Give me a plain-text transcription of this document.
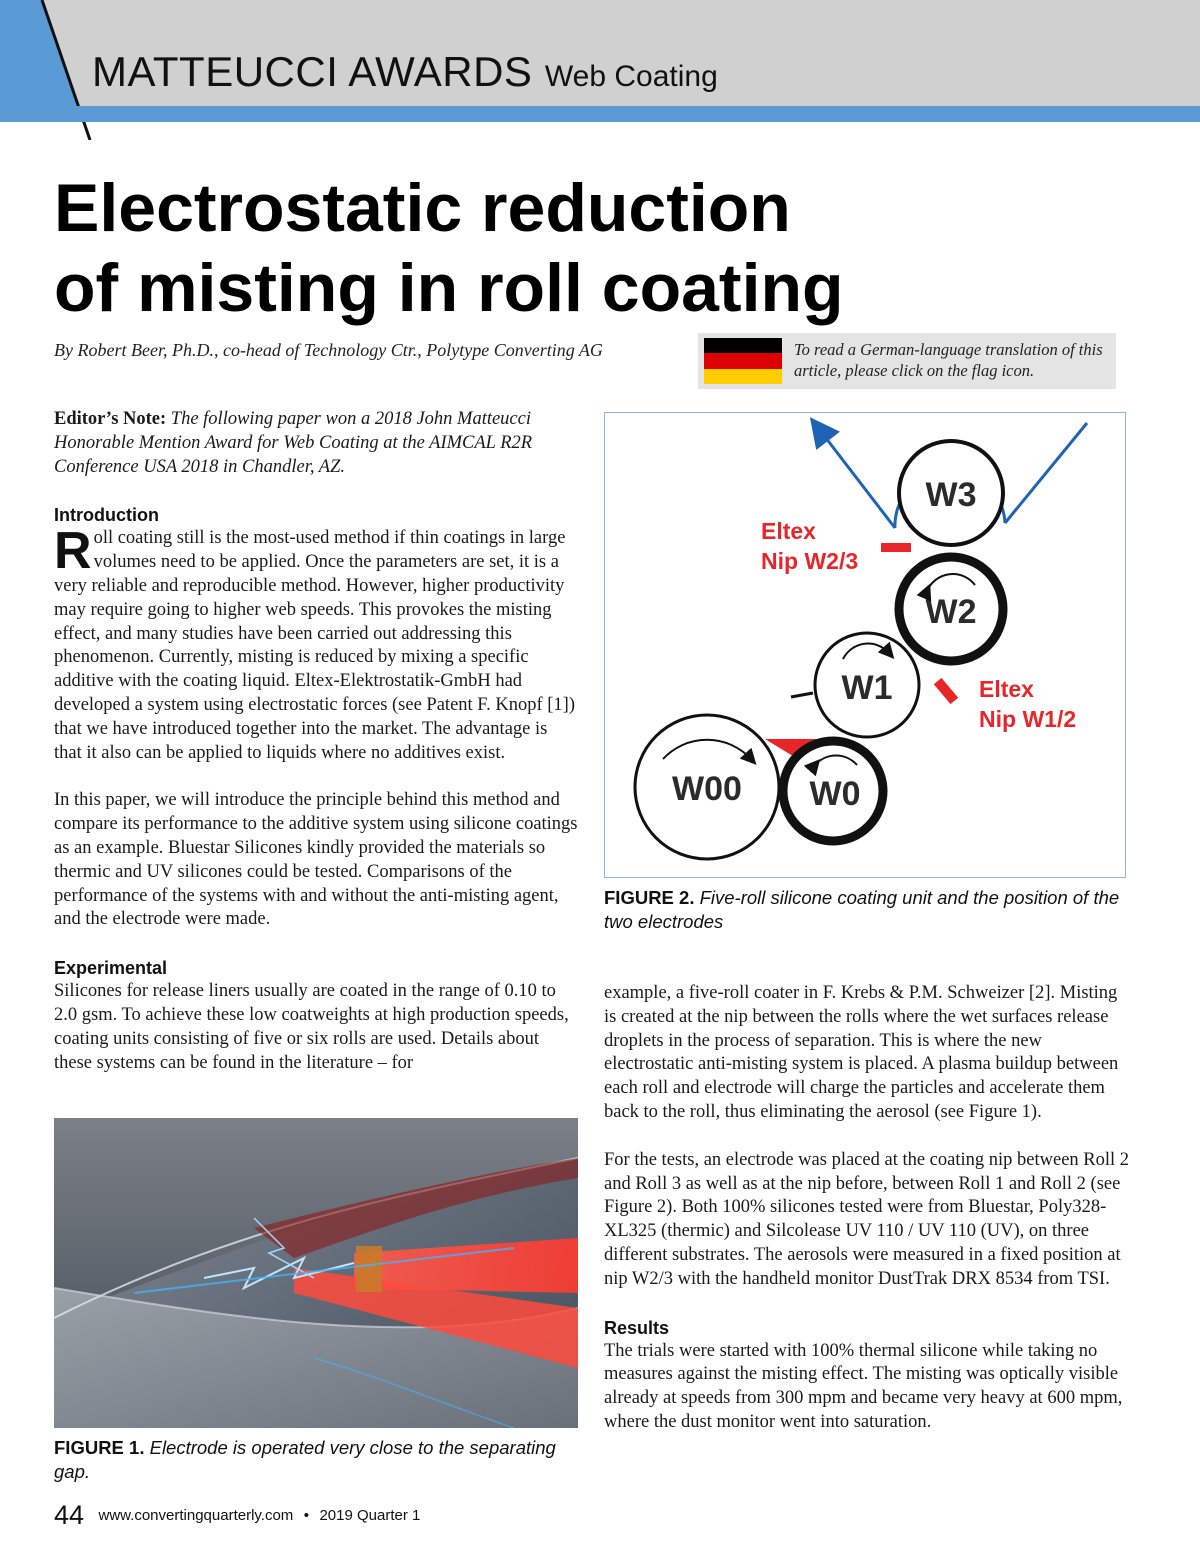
MATTEUCCI AWARDS Web Coating
Electrostatic reduction
of misting in roll coating
By Robert Beer, Ph.D., co-head of Technology Ctr., Polytype Converting AG	To read a German-language translation of this article, please click on the flag icon.

Editor’s Note: The following paper won a 2018 John Matteucci Honorable Mention Award for Web Coating at the AIMCAL R2R Conference USA 2018 in Chandler, AZ.

Introduction

Roll coating still is the most-used method if thin coatings in large volumes need to be applied. Once the parameters are set, it is a very reliable and reproducible method. However, higher productivity may require going to higher web speeds. This provokes the misting effect, and many studies have been carried out addressing this phenomenon. Currently, misting is reduced by mixing a specific additive with the coating liquid. Eltex-Elektrostatik-GmbH had developed a system using electrostatic forces (see Patent F. Knopf [1]) that we have introduced together into the market. The advantage is that it also can be applied to liquids where no additives exist.

In this paper, we will introduce the principle behind this method and compare its performance to the additive system using silicone coatings as an example. Bluestar Silicones kindly provided the materials so thermic and UV silicones could be tested. Comparisons of the performance of the systems with and without the anti-misting agent, and the electrode were made.

Experimental

Silicones for release liners usually are coated in the range of 0.10 to 2.0 gsm. To achieve these low coatweights at high production speeds, coating units consisting of five or six rolls are used. Details about these systems can be found in the literature – for

W3
W2
W1
W00 W0
Eltex
Nip W2/3
Eltex
Nip W1/2
FIGURE 2. Five-roll silicone coating unit and the position of the two electrodes

example, a five-roll coater in F. Krebs & P.M. Schweizer [2]. Misting is created at the nip between the rolls where the wet surfaces release droplets in the process of separation. This is where the new electrostatic anti-misting system is placed. A plasma buildup between each roll and electrode will charge the particles and accelerate them back to the roll, thus eliminating the aerosol (see Figure 1).

For the tests, an electrode was placed at the coating nip between Roll 2 and Roll 3 as well as at the nip before, between Roll 1 and Roll 2 (see Figure 2). Both 100% silicones tested were from Bluestar, Poly328-XL325 (thermic) and Silcolease UV 110 / UV 110 (UV), on three different substrates. The aerosols were measured in a fixed position at nip W2/3 with the handheld monitor DustTrak DRX 8534 from TSI.

Results

The trials were started with 100% thermal silicone while taking no measures against the misting effect. The misting was optically visible already at speeds from 300 mpm and became very heavy at 600 mpm, where the dust monitor went into saturation.

FIGURE 1. Electrode is operated very close to the separating gap.
44 www.convertingquarterly.com • 2019 Quarter 1
